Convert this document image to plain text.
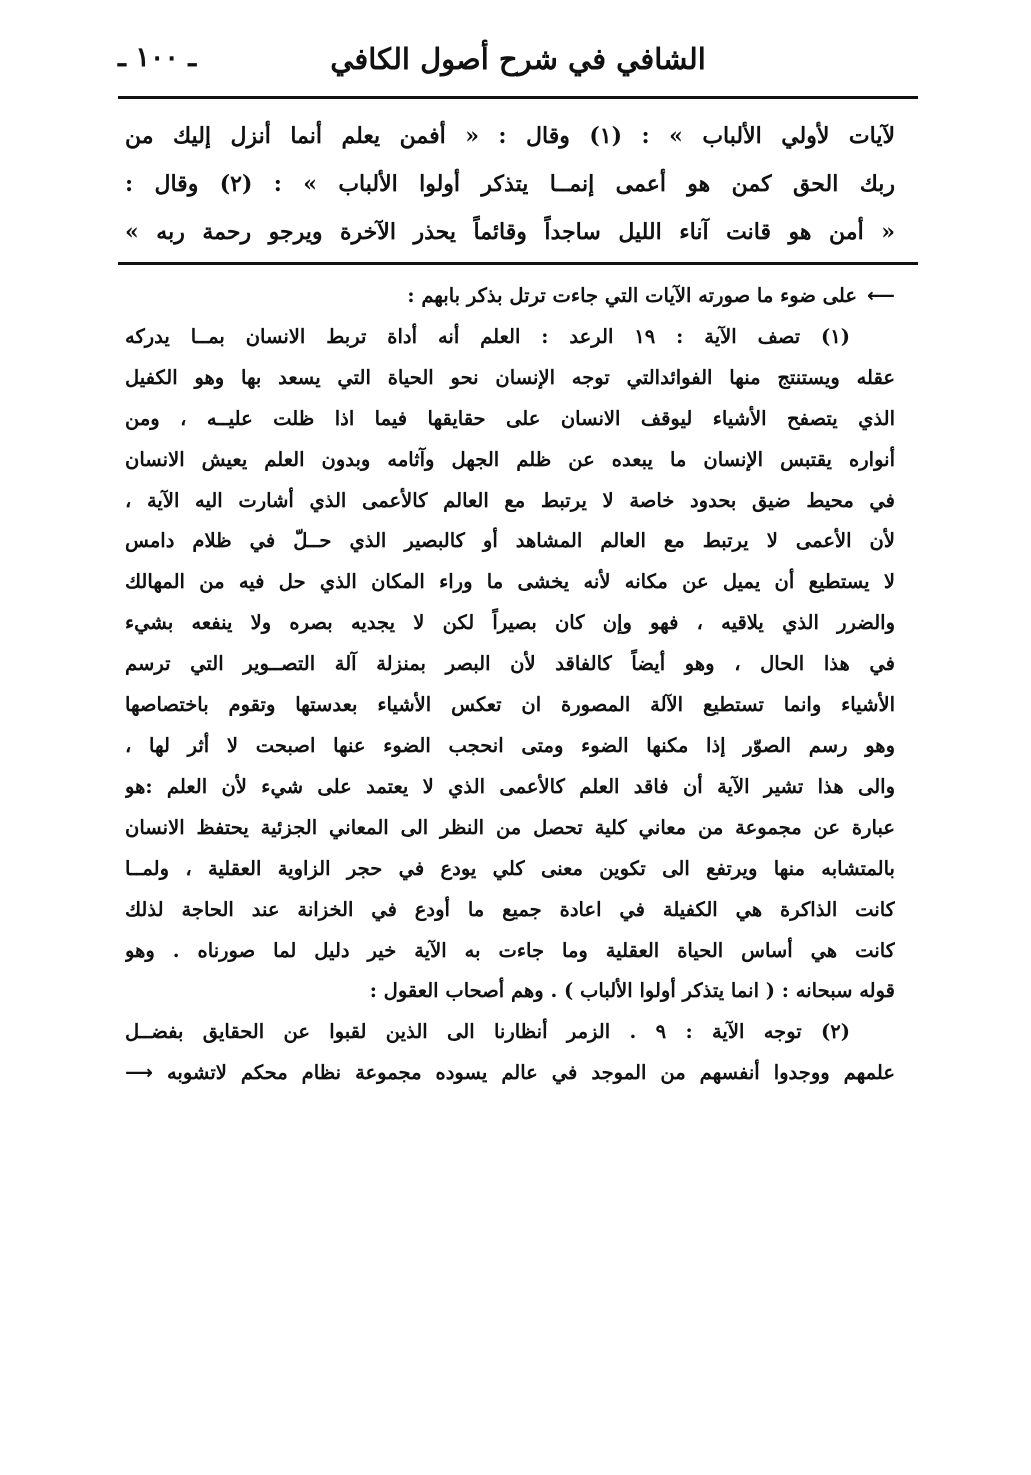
ـ ١٠٠ ـ	الشافي في شرح أصول الكافي
لآيات لأولي الألباب » : (١) وقال : « أفمن يعلم أنما أنزل إليك من
ربك الحق كمن هو أعمى إنمــا يتذكر أولوا الألباب » : (٢) وقال :
« أمن هو قانت آناء الليل ساجداً وقائماً يحذر الآخرة ويرجو رحمة ربه »
⟵على ضوء ما صورته الآيات التي جاءت ترتل بذكر بابهم :
(١) تصف الآية : ١٩ الرعد : العلم أنه أداة تربط الانسان بمــا يدركه
عقله ويستنتج منها الفوائدالتي توجه الإنسان نحو الحياة التي يسعد بها وهو الكفيل
الذي يتصفح الأشياء ليوقف الانسان على حقايقها فيما اذا ظلت عليــه ، ومن
أنواره يقتبس الإنسان ما يبعده عن ظلم الجهل وآثامه وبدون العلم يعيش الانسان
في محيط ضيق بحدود خاصة لا يرتبط مع العالم كالأعمى الذي أشارت اليه الآية ،
لأن الأعمى لا يرتبط مع العالم المشاهد أو كالبصير الذي حــلّ في ظلام دامس
لا يستطيع أن يميل عن مكانه لأنه يخشى ما وراء المكان الذي حل فيه من المهالك
والضرر الذي يلاقيه ، فهو وإن كان بصيراً لكن لا يجديه بصره ولا ينفعه بشيء
في هذا الحال ، وهو أيضاً كالفاقد لأن البصر بمنزلة آلة التصــوير التي ترسم
الأشياء وانما تستطيع الآلة المصورة ان تعكس الأشياء بعدستها وتقوم باختصاصها
وهو رسم الصوّر إذا مكنها الضوء ومتى انحجب الضوء عنها اصبحت لا أثر لها ،
والى هذا تشير الآية أن فاقد العلم كالأعمى الذي لا يعتمد على شيء لأن العلم :هو
عبارة عن مجموعة من معاني كلية تحصل من النظر الى المعاني الجزئية يحتفظ الانسان
بالمتشابه منها ويرتفع الى تكوين معنى كلي يودع في حجر الزاوية العقلية ، ولمــا
كانت الذاكرة هي الكفيلة في اعادة جميع ما أودع في الخزانة عند الحاجة لذلك
كانت هي أساس الحياة العقلية وما جاءت به الآية خير دليل لما صورناه . وهو
قوله سبحانه : ( انما يتذكر أولوا الألباب ) . وهم أصحاب العقول :
(٢) توجه الآية : ٩ . الزمر أنظارنا الى الذين لقبوا عن الحقايق بفضــل
علمهم ووجدوا أنفسهم من الموجد في عالم يسوده مجموعة نظام محكم لاتشوبه ⟶
